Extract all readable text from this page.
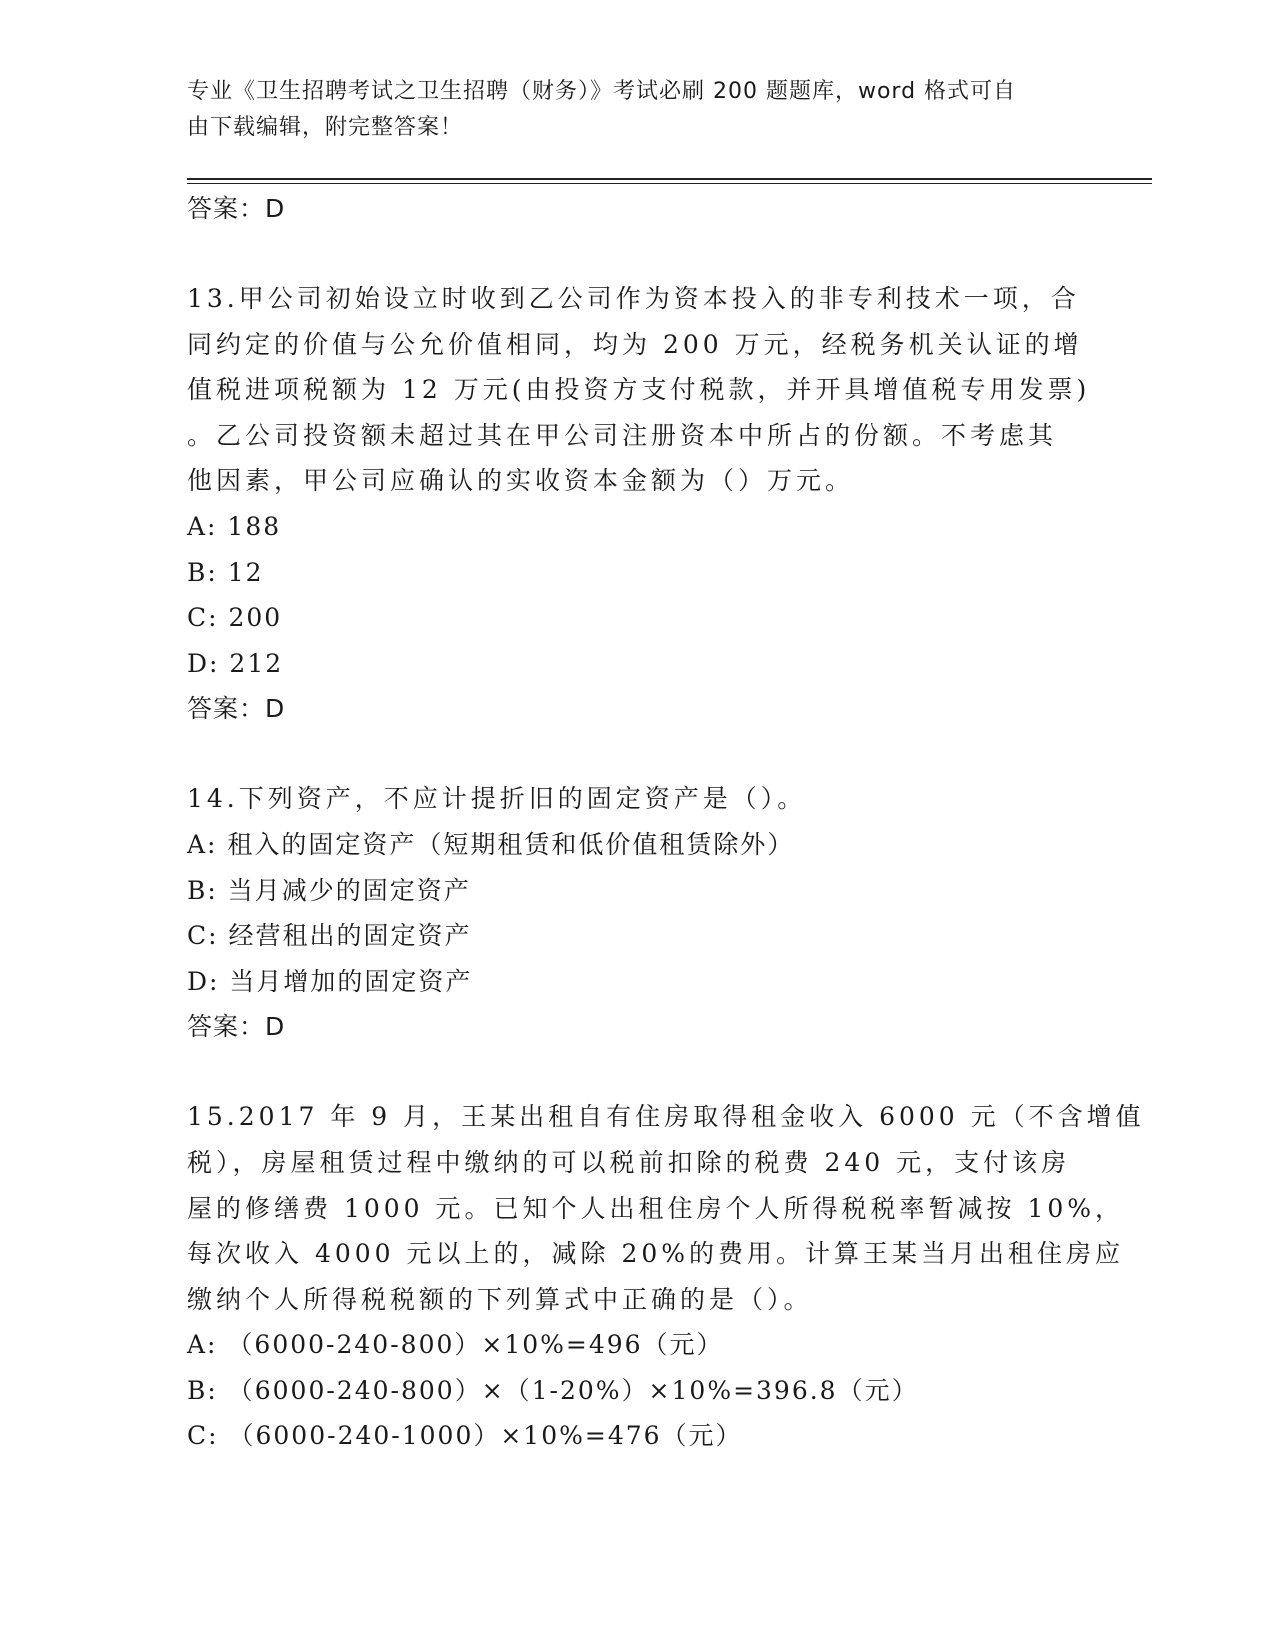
专业《卫生招聘考试之卫生招聘（财务）》考试必刷 200 题题库，word 格式可自
由下载编辑，附完整答案！
答案：D
13.甲公司初始设立时收到乙公司作为资本投入的非专利技术一项，合
同约定的价值与公允价值相同，均为 200 万元，经税务机关认证的增
值税进项税额为 12 万元(由投资方支付税款，并开具增值税专用发票)
。乙公司投资额未超过其在甲公司注册资本中所占的份额。不考虑其
他因素，甲公司应确认的实收资本金额为（）万元。
A: 188
B: 12
C: 200
D: 212
答案：D
14.下列资产，不应计提折旧的固定资产是（）。
A: 租入的固定资产（短期租赁和低价值租赁除外）
B: 当月减少的固定资产
C: 经营租出的固定资产
D: 当月增加的固定资产
答案：D
15.2017 年 9 月，王某出租自有住房取得租金收入 6000 元（不含增值
税），房屋租赁过程中缴纳的可以税前扣除的税费 240 元，支付该房
屋的修缮费 1000 元。已知个人出租住房个人所得税税率暂减按 10%，
每次收入 4000 元以上的，减除 20%的费用。计算王某当月出租住房应
缴纳个人所得税税额的下列算式中正确的是（）。
A: （6000-240-800）×10%=496（元）
B: （6000-240-800）×（1-20%）×10%=396.8（元）
C: （6000-240-1000）×10%=476（元）
